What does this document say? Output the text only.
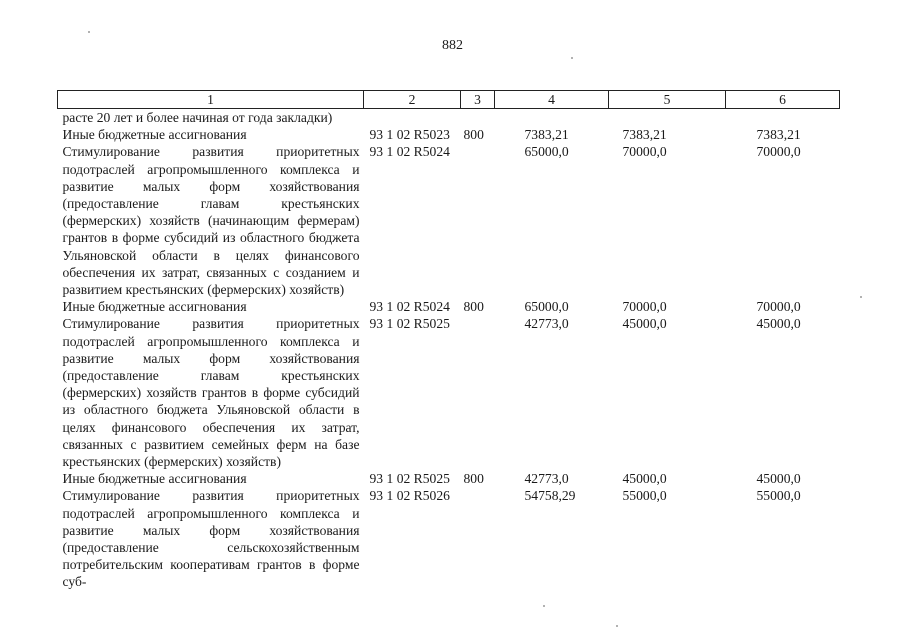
882
1	2	3	4	5	6
расте 20 лет и более начиная от года закладки)					
Иные бюджетные ассигнования	93 1 02 R5023	800	7383,21	7383,21	7383,21
Стимулирование развития приоритетных подотраслей агропромышленного комплекса и развитие малых форм хозяйствования (предоставление главам крестьянских (фермерских) хозяйств (начинающим фермерам) грантов в форме субсидий из областного бюджета Ульяновской области в целях финансового обеспечения их затрат, связанных с созданием и развитием крестьянских (фермерских) хозяйств)	93 1 02 R5024		65000,0	70000,0	70000,0
Иные бюджетные ассигнования	93 1 02 R5024	800	65000,0	70000,0	70000,0
Стимулирование развития приоритетных подотраслей агропромышленного комплекса и развитие малых форм хозяйствования (предоставление главам крестьянских (фермерских) хозяйств грантов в форме субсидий из областного бюджета Ульяновской области в целях финансового обеспечения их затрат, связанных с развитием семейных ферм на базе крестьянских (фермерских) хозяйств)	93 1 02 R5025		42773,0	45000,0	45000,0
Иные бюджетные ассигнования	93 1 02 R5025	800	42773,0	45000,0	45000,0
Стимулирование развития приоритетных подотраслей агропромышленного комплекса и развитие малых форм хозяйствования (предоставление сельскохозяйственным потребительским кооперативам грантов в форме суб-	93 1 02 R5026		54758,29	55000,0	55000,0
